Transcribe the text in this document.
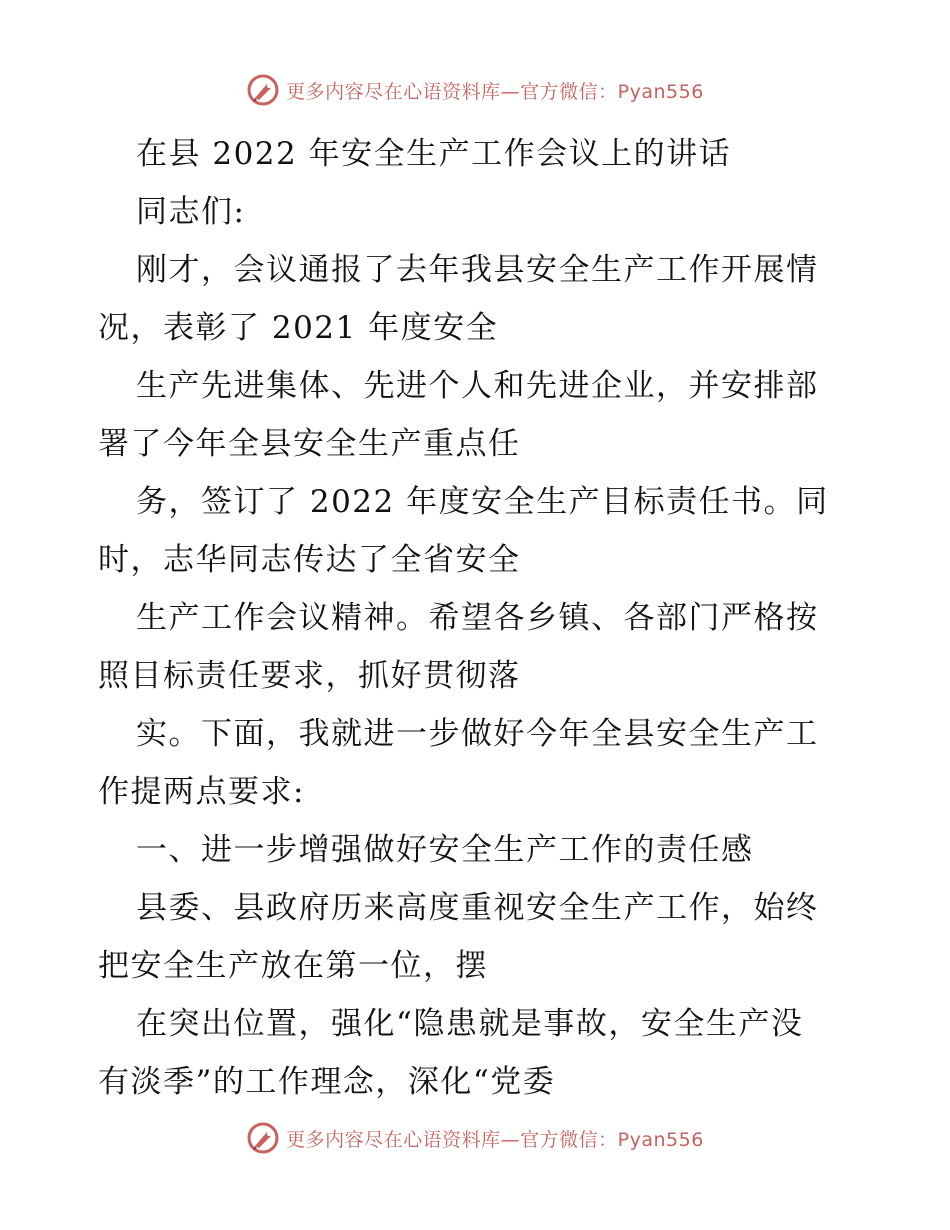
更多内容尽在心语资料库—官方微信：Pyan556
在县 2022 年安全生产工作会议上的讲话
同志们:
刚才，会议通报了去年我县安全生产工作开展情
况，表彰了 2021 年度安全
生产先进集体、先进个人和先进企业，并安排部
署了今年全县安全生产重点任
务，签订了 2022 年度安全生产目标责任书。同
时，志华同志传达了全省安全
生产工作会议精神。希望各乡镇、各部门严格按
照目标责任要求，抓好贯彻落
实。下面，我就进一步做好今年全县安全生产工
作提两点要求:
一、进一步增强做好安全生产工作的责任感
县委、县政府历来高度重视安全生产工作，始终
把安全生产放在第一位，摆
在突出位置，强化“隐患就是事故，安全生产没
有淡季”的工作理念，深化“党委
更多内容尽在心语资料库—官方微信：Pyan556
